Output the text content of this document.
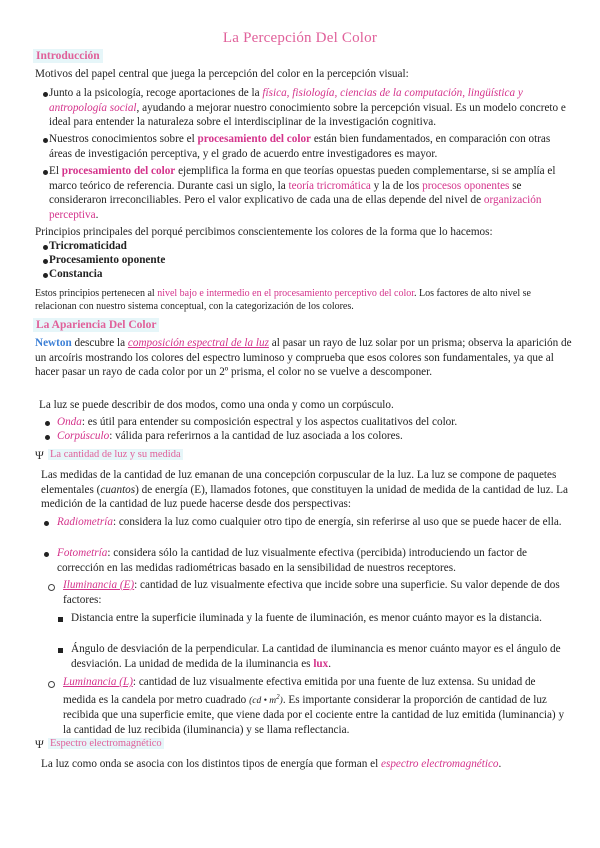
La Percepción Del Color
Introducción
Motivos del papel central que juega la percepción del color en la percepción visual:
Junto a la psicología, recoge aportaciones de la física, fisiología, ciencias de la computación, lingüística y antropología social, ayudando a mejorar nuestro conocimiento sobre la percepción visual. Es un modelo concreto e ideal para entender la naturaleza sobre el interdisciplinar de la investigación cognitiva.
Nuestros conocimientos sobre el procesamiento del color están bien fundamentados, en comparación con otras áreas de investigación perceptiva, y el grado de acuerdo entre investigadores es mayor.
El procesamiento del color ejemplifica la forma en que teorías opuestas pueden complementarse, si se amplía el marco teórico de referencia. Durante casi un siglo, la teoría tricromática y la de los procesos oponentes se consideraron irreconciliables. Pero el valor explicativo de cada una de ellas depende del nivel de organización perceptiva.
Principios principales del porqué percibimos conscientemente los colores de la forma que lo hacemos:
Tricromaticidad
Procesamiento oponente
Constancia
Estos principios pertenecen al nivel bajo e intermedio en el procesamiento perceptivo del color. Los factores de alto nivel se relacionan con nuestro sistema conceptual, con la categorización de los colores.
La Apariencia Del Color
Newton descubre la composición espectral de la luz al pasar un rayo de luz solar por un prisma; observa la aparición de un arcoíris mostrando los colores del espectro luminoso y comprueba que esos colores son fundamentales, ya que al hacer pasar un rayo de cada color por un 2º prisma, el color no se vuelve a descomponer.
La luz se puede describir de dos modos, como una onda y como un corpúsculo.
Onda: es útil para entender su composición espectral y los aspectos cualitativos del color.
Corpúsculo: válida para referirnos a la cantidad de luz asociada a los colores.
Ψ La cantidad de luz y su medida
Las medidas de la cantidad de luz emanan de una concepción corpuscular de la luz. La luz se compone de paquetes elementales (cuantos) de energía (E), llamados fotones, que constituyen la unidad de medida de la cantidad de luz. La medición de la cantidad de luz puede hacerse desde dos perspectivas:
Radiometría: considera la luz como cualquier otro tipo de energía, sin referirse al uso que se puede hacer de ella.
Fotometría: considera sólo la cantidad de luz visualmente efectiva (percibida) introduciendo un factor de corrección en las medidas radiométricas basado en la sensibilidad de nuestros receptores.
Iluminancia (E): cantidad de luz visualmente efectiva que incide sobre una superficie. Su valor depende de dos factores:
Distancia entre la superficie iluminada y la fuente de iluminación, es menor cuánto mayor es la distancia.
Ángulo de desviación de la perpendicular. La cantidad de iluminancia es menor cuánto mayor es el ángulo de desviación. La unidad de medida de la iluminancia es lux.
Luminancia (L): cantidad de luz visualmente efectiva emitida por una fuente de luz extensa. Su unidad de medida es la candela por metro cuadrado (cd • $m^2$). Es importante considerar la proporción de cantidad de luz recibida que una superficie emite, que viene dada por el cociente entre la cantidad de luz emitida (luminancia) y la cantidad de luz recibida (iluminancia) y se llama reflectancia.
Ψ Espectro electromagnético
La luz como onda se asocia con los distintos tipos de energía que forman el espectro electromagnético.
